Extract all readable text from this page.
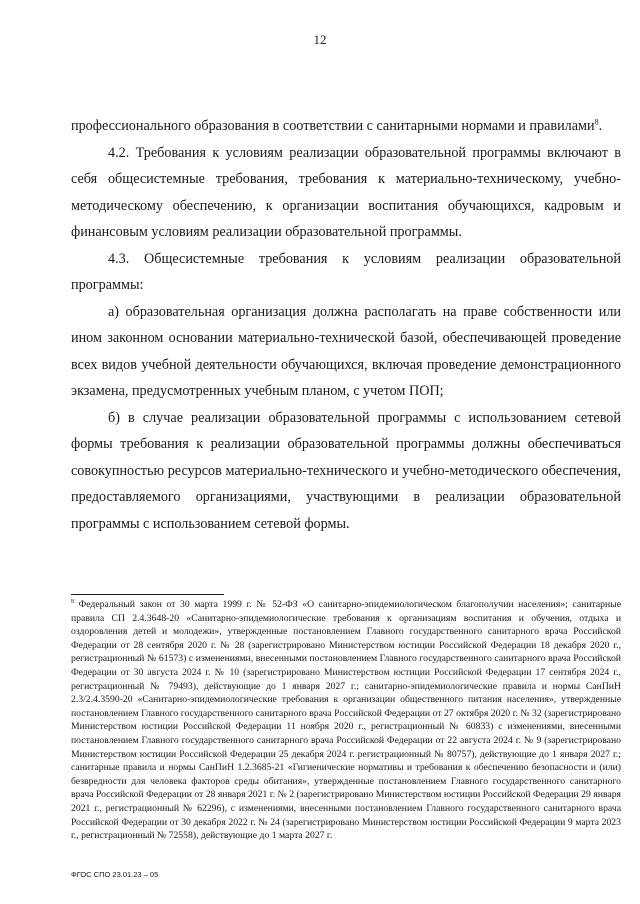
12

профессионального образования в соответствии с санитарными нормами и правилами$^8$.

4.2. Требования к условиям реализации образовательной программы включают в себя общесистемные требования, требования к материально-техническому, учебно-методическому обеспечению, к организации воспитания обучающихся, кадровым и финансовым условиям реализации образовательной программы.

4.3. Общесистемные требования к условиям реализации образовательной программы:

а) образовательная организация должна располагать на праве собственности или ином законном основании материально-технической базой, обеспечивающей проведение всех видов учебной деятельности обучающихся, включая проведение демонстрационного экзамена, предусмотренных учебным планом, с учетом ПОП;

б) в случае реализации образовательной программы с использованием сетевой формы требования к реализации образовательной программы должны обеспечиваться совокупностью ресурсов материально-технического и учебно-методического обеспечения, предоставляемого организациями, участвующими в реализации образовательной программы с использованием сетевой формы.

$^8$ Федеральный закон от 30 марта 1999 г. № 52-ФЗ «О санитарно-эпидемиологическом благополучии населения»; санитарные правила СП 2.4.3648-20 «Санитарно-эпидемиологические требования к организациям воспитания и обучения, отдыха и оздоровления детей и молодежи», утвержденные постановлением Главного государственного санитарного врача Российской Федерации от 28 сентября 2020 г. № 28 (зарегистрировано Министерством юстиции Российской Федерации 18 декабря 2020 г., регистрационный № 61573) с изменениями, внесенными постановлением Главного государственного санитарного врача Российской Федерации от 30 августа 2024 г. № 10 (зарегистрировано Министерством юстиции Российской Федерации 17 сентября 2024 г., регистрационный № 79493), действующие до 1 января 2027 г.; санитарно-эпидемиологические правила и нормы СанПиН 2.3/2.4.3590-20 «Санитарно-эпидемиологические требования к организации общественного питания населения», утвержденные постановлением Главного государственного санитарного врача Российской Федерации от 27 октября 2020 г. № 32 (зарегистрировано Министерством юстиции Российской Федерации 11 ноября 2020 г., регистрационный № 60833) с изменениями, внесенными постановлением Главного государственного санитарного врача Российской Федерации от 22 августа 2024 г. № 9 (зарегистрировано Министерством юстиции Российской Федерации 25 декабря 2024 г. регистрационный № 80757), действующие до 1 января 2027 г.; санитарные правила и нормы СанПиН 1.2.3685-21 «Гигиенические нормативы и требования к обеспечению безопасности и (или) безвредности для человека факторов среды обитания», утвержденные постановлением Главного государственного санитарного врача Российской Федерации от 28 января 2021 г. № 2 (зарегистрировано Министерством юстиции Российской Федерации 29 января 2021 г., регистрационный № 62296), с изменениями, внесенными постановлением Главного государственного санитарного врача Российской Федерации от 30 декабря 2022 г. № 24 (зарегистрировано Министерством юстиции Российской Федерации 9 марта 2023 г., регистрационный № 72558), действующие до 1 марта 2027 г.
ФГОС СПО 23.01.23 – 05
